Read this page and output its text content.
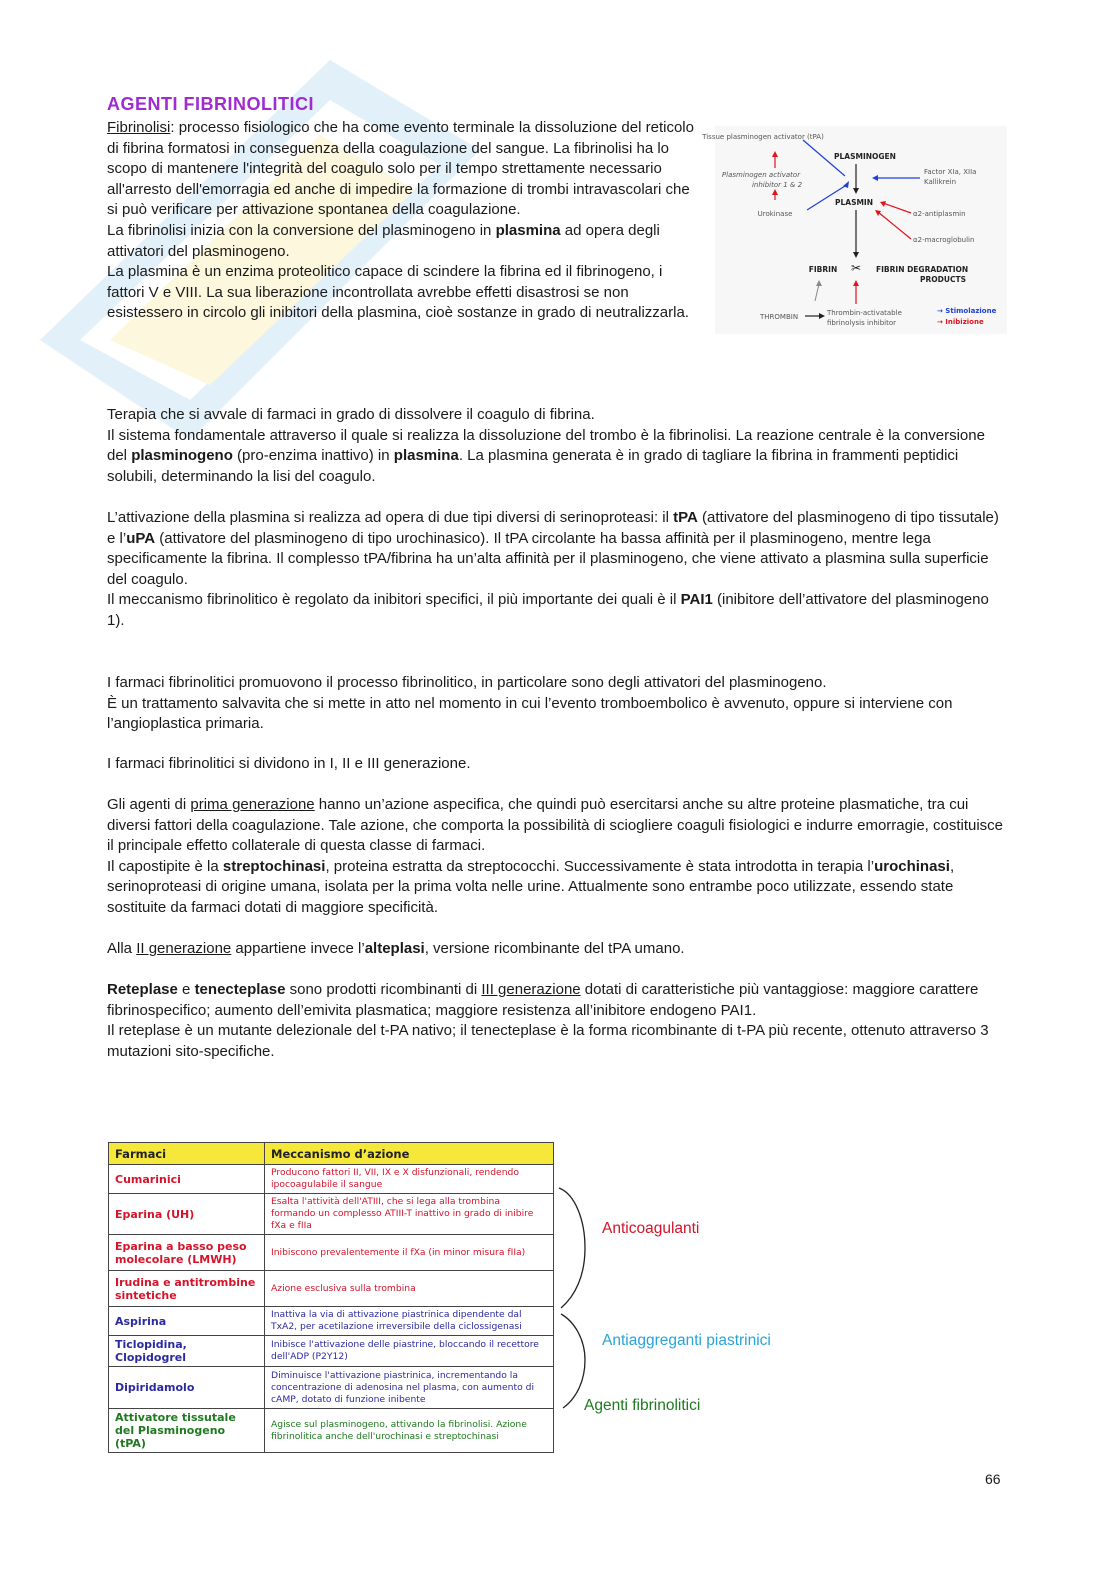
AGENTI FIBRINOLITICI

Fibrinolisi: processo fisiologico che ha come evento terminale la dissoluzione del reticolo di fibrina formatosi in conseguenza della coagulazione del sangue. La fibrinolisi ha lo scopo di mantenere l'integrità del coagulo solo per il tempo strettamente necessario all'arresto dell'emorragia ed anche di impedire la formazione di trombi intravascolari che si può verificare per attivazione spontanea della coagulazione.

La fibrinolisi inizia con la conversione del plasminogeno in plasmina ad opera degli attivatori del plasminogeno.

La plasmina è un enzima proteolitico capace di scindere la fibrina ed il fibrinogeno, i fattori V e VIII. La sua liberazione incontrollata avrebbe effetti disastrosi se non esistessero in circolo gli inibitori della plasmina, cioè sostanze in grado di neutralizzarla.

Tissue plasminogen activator (tPA)
Plasminogen activator
inhibitor 1 & 2
Urokinase
PLASMINOGEN
PLASMIN
Factor XIa, XIIa
Kallikrein
α2-antiplasmin
α2-macroglobulin
FIBRIN ✂ FIBRIN DEGRADATION
PRODUCTS
THROMBIN	Thrombin-activatable
fibrinolysis inhibitor
→ Stimolazione
→ Inibizione

Terapia che si avvale di farmaci in grado di dissolvere il coagulo di fibrina.

Il sistema fondamentale attraverso il quale si realizza la dissoluzione del trombo è la fibrinolisi. La reazione centrale è la conversione del plasminogeno (pro-enzima inattivo) in plasmina. La plasmina generata è in grado di tagliare la fibrina in frammenti peptidici solubili, determinando la lisi del coagulo.

L’attivazione della plasmina si realizza ad opera di due tipi diversi di serinoproteasi: il tPA (attivatore del plasminogeno di tipo tissutale) e l’uPA (attivatore del plasminogeno di tipo urochinasico). Il tPA circolante ha bassa affinità per il plasminogeno, mentre lega specificamente la fibrina. Il complesso tPA/fibrina ha un’alta affinità per il plasminogeno, che viene attivato a plasmina sulla superficie del coagulo.

Il meccanismo fibrinolitico è regolato da inibitori specifici, il più importante dei quali è il PAI1 (inibitore dell’attivatore del plasminogeno 1).

I farmaci fibrinolitici promuovono il processo fibrinolitico, in particolare sono degli attivatori del plasminogeno.

È un trattamento salvavita che si mette in atto nel momento in cui l’evento tromboembolico è avvenuto, oppure si interviene con l’angioplastica primaria.

I farmaci fibrinolitici si dividono in I, II e III generazione.

Gli agenti di prima generazione hanno un’azione aspecifica, che quindi può esercitarsi anche su altre proteine plasmatiche, tra cui diversi fattori della coagulazione. Tale azione, che comporta la possibilità di sciogliere coaguli fisiologici e indurre emorragie, costituisce il principale effetto collaterale di questa classe di farmaci.

Il capostipite è la streptochinasi, proteina estratta da streptococchi. Successivamente è stata introdotta in terapia l’urochinasi, serinoproteasi di origine umana, isolata per la prima volta nelle urine. Attualmente sono entrambe poco utilizzate, essendo state sostituite da farmaci dotati di maggiore specificità.

Alla II generazione appartiene invece l’alteplasi, versione ricombinante del tPA umano.

Reteplase e tenecteplase sono prodotti ricombinanti di III generazione dotati di caratteristiche più vantaggiose: maggiore carattere fibrinospecifico; aumento dell’emivita plasmatica; maggiore resistenza all’inibitore endogeno PAI1.

Il reteplase è un mutante delezionale del t-PA nativo; il tenecteplase è la forma ricombinante di t-PA più recente, ottenuto attraverso 3 mutazioni sito-specifiche.

Farmaci	Meccanismo d’azione
Cumarinici	Producono fattori II, VII, IX e X disfunzionali, rendendo ipocoagulabile il sangue
Eparina (UH)	Esalta l'attività dell'ATIII, che si lega alla trombina formando un complesso ATIII-T inattivo in grado di inibire fXa e fIIa
Eparina a basso peso molecolare (LMWH)	Inibiscono prevalentemente il fXa (in minor misura fIIa)
Irudina e antitrombine sintetiche	Azione esclusiva sulla trombina
Aspirina	Inattiva la via di attivazione piastrinica dipendente dal TxA2, per acetilazione irreversibile della ciclossigenasi
Ticlopidina, Clopidogrel	Inibisce l'attivazione delle piastrine, bloccando il recettore dell'ADP (P2Y12)
Dipiridamolo	Diminuisce l'attivazione piastrinica, incrementando la concentrazione di adenosina nel plasma, con aumento di cAMP, dotato di funzione inibente
Attivatore tissutale del Plasminogeno (tPA)	Agisce sul plasminogeno, attivando la fibrinolisi. Azione fibrinolitica anche dell'urochinasi e streptochinasi
Anticoagulanti
Antiaggreganti piastrinici
Agenti fibrinolitici
66
